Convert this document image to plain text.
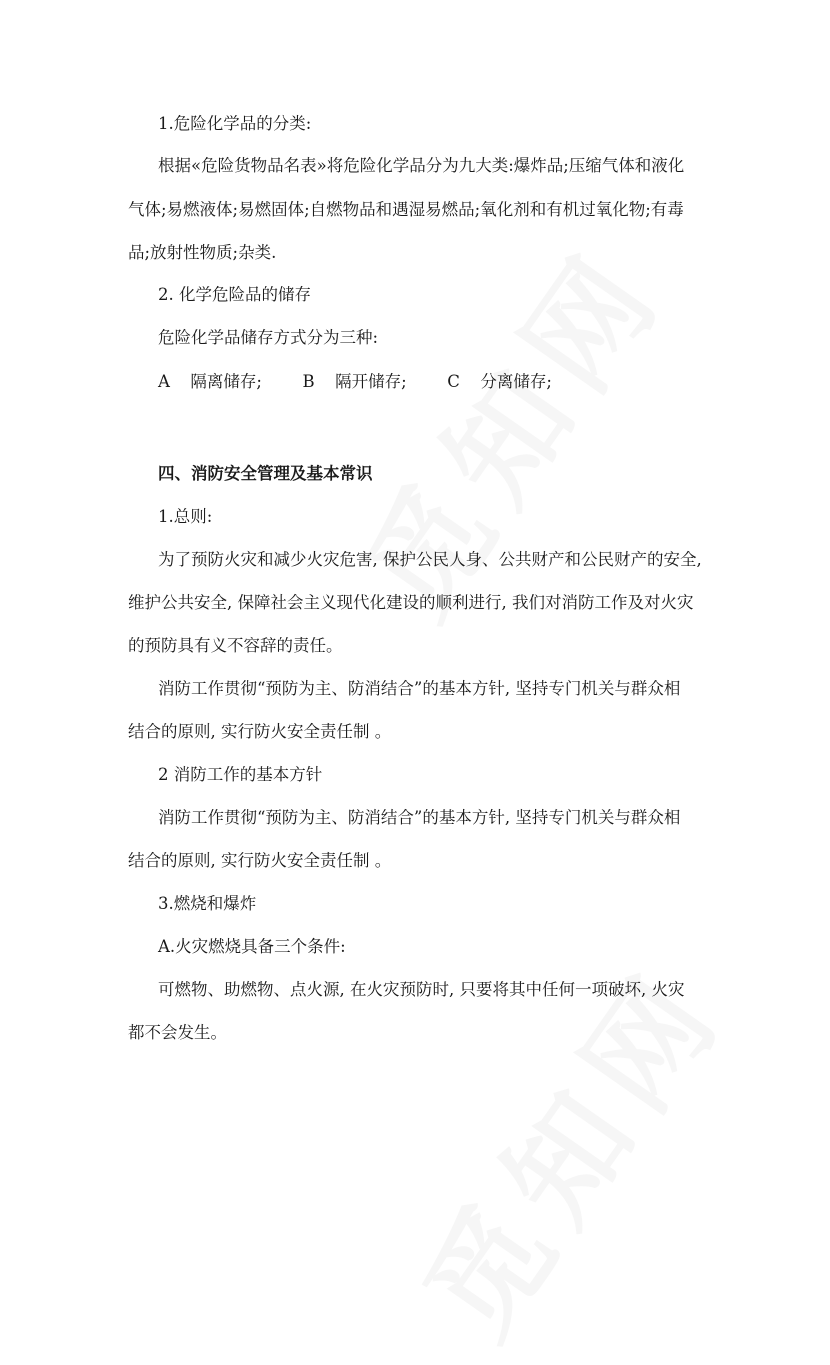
1.危险化学品的分类:
根据«危险货物品名表»将危险化学品分为九大类:爆炸品;压缩气体和液化
气体;易燃液体;易燃固体;自燃物品和遇湿易燃品;氧化剂和有机过氧化物;有毒
品;放射性物质;杂类.
2. 化学危险品的储存
危险化学品储存方式分为三种:
A 隔离储存; B 隔开储存; C 分离储存;
四、消防安全管理及基本常识
1.总则:
为了预防火灾和减少火灾危害, 保护公民人身、公共财产和公民财产的安全,
维护公共安全, 保障社会主义现代化建设的顺利进行, 我们对消防工作及对火灾
的预防具有义不容辞的责任。
消防工作贯彻“预防为主、防消结合”的基本方针, 坚持专门机关与群众相
结合的原则, 实行防火安全责任制 。
2 消防工作的基本方针
消防工作贯彻“预防为主、防消结合”的基本方针, 坚持专门机关与群众相
结合的原则, 实行防火安全责任制 。
3.燃烧和爆炸
A.火灾燃烧具备三个条件:
可燃物、助燃物、点火源, 在火灾预防时, 只要将其中任何一项破坏, 火灾
都不会发生。
